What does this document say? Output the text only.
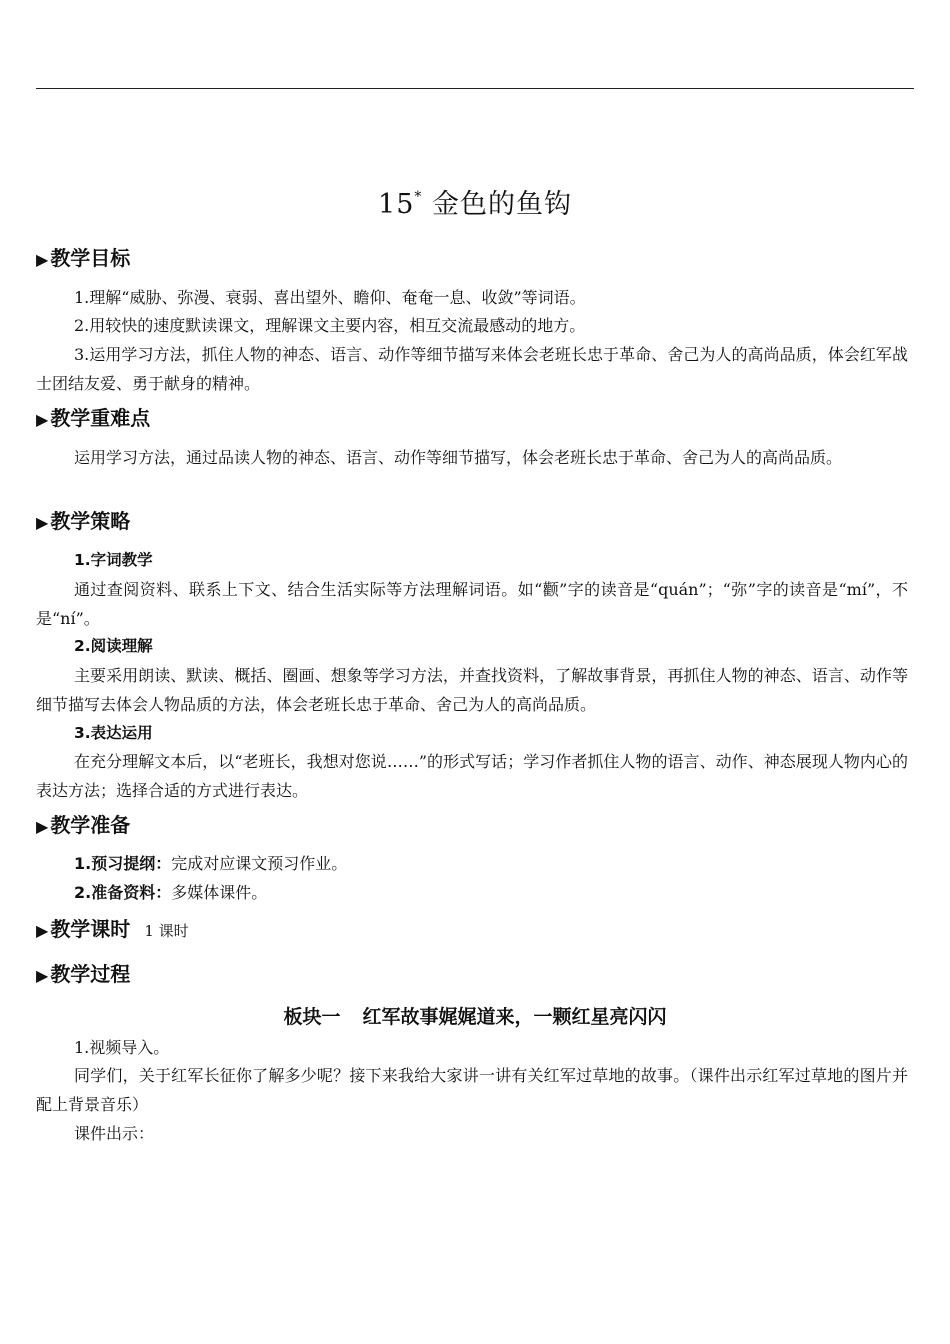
15* 金色的鱼钩
▶ 教学目标
1.理解“威胁、弥漫、衰弱、喜出望外、瞻仰、奄奄一息、收敛”等词语。
2.用较快的速度默读课文，理解课文主要内容，相互交流最感动的地方。
3.运用学习方法，抓住人物的神态、语言、动作等细节描写来体会老班长忠于革命、舍己为人的高尚品质，体会红军战士团结友爱、勇于献身的精神。
▶ 教学重难点
运用学习方法，通过品读人物的神态、语言、动作等细节描写，体会老班长忠于革命、舍己为人的高尚品质。
▶ 教学策略
1.字词教学
通过查阅资料、联系上下文、结合生活实际等方法理解词语。如“颧”字的读音是“quán”；“弥”字的读音是“mí”，不是“ní”。
2.阅读理解
主要采用朗读、默读、概括、圈画、想象等学习方法，并查找资料，了解故事背景，再抓住人物的神态、语言、动作等细节描写去体会人物品质的方法，体会老班长忠于革命、舍己为人的高尚品质。
3.表达运用
在充分理解文本后，以“老班长，我想对您说……”的形式写话；学习作者抓住人物的语言、动作、神态展现人物内心的表达方法；选择合适的方式进行表达。
▶ 教学准备
1.预习提纲：完成对应课文预习作业。
2.准备资料：多媒体课件。
▶ 教学课时 1 课时
▶ 教学过程
板块一 红军故事娓娓道来，一颗红星亮闪闪
1.视频导入。
同学们，关于红军长征你了解多少呢？接下来我给大家讲一讲有关红军过草地的故事。（课件出示红军过草地的图片并配上背景音乐）
课件出示：
